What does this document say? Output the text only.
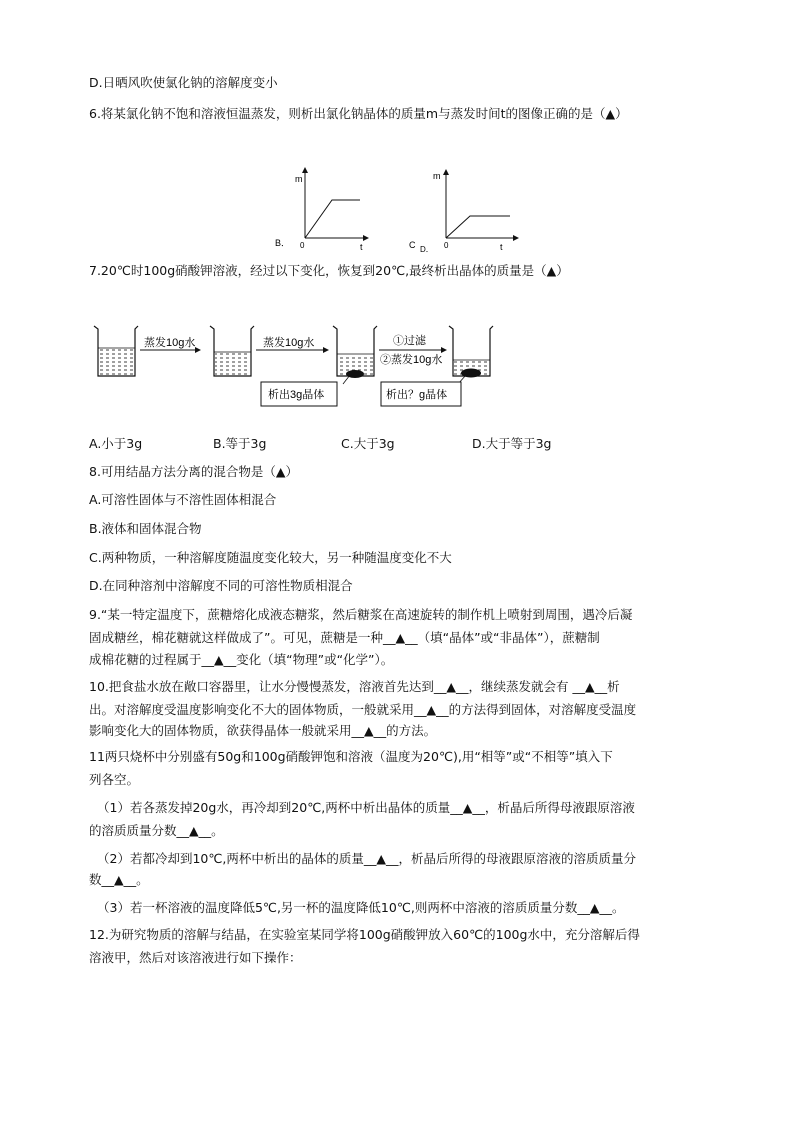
D.日晒风吹使氯化钠的溶解度变小
6.将某氯化钠不饱和溶液恒温蒸发，则析出氯化钠晶体的质量m与蒸发时间t的图像正确的是（▲）
m
t
0
B．
m
t
0
C D．
7.20℃时100g硝酸钾溶液，经过以下变化，恢复到20℃,最终析出晶体的质量是（▲）
蒸发10g水	蒸发10g水
析出3g晶体
①过滤
②蒸发10g水
析出？g晶体
A.小于3g	B.等于3g	C.大于3g	D.大于等于3g
8.可用结晶方法分离的混合物是（▲）
A.可溶性固体与不溶性固体相混合
B.液体和固体混合物
C.两种物质，一种溶解度随温度变化较大，另一种随温度变化不大
D.在同种溶剂中溶解度不同的可溶性物质相混合
9.“某一特定温度下，蔗糖熔化成液态糖浆，然后糖浆在高速旋转的制作机上喷射到周围，遇冷后凝
固成糖丝，棉花糖就这样做成了”。可见，蔗糖是一种__▲__（填“晶体”或“非晶体”），蔗糖制
成棉花糖的过程属于__▲__变化（填“物理”或“化学”）。
10.把食盐水放在敞口容器里，让水分慢慢蒸发，溶液首先达到__▲__，继续蒸发就会有 __▲__析
出。对溶解度受温度影响变化不大的固体物质，一般就采用__▲__的方法得到固体，对溶解度受温度
影响变化大的固体物质，欲获得晶体一般就采用__▲__的方法。
11两只烧杯中分别盛有50g和100g硝酸钾饱和溶液（温度为20℃),用“相等”或“不相等”填入下
列各空。
（1）若各蒸发掉20g水，再冷却到20℃,两杯中析出晶体的质量__▲__，析晶后所得母液跟原溶液
的溶质质量分数__▲__。
（2）若都冷却到10℃,两杯中析出的晶体的质量__▲__，析晶后所得的母液跟原溶液的溶质质量分
数__▲__。
（3）若一杯溶液的温度降低5℃,另一杯的温度降低10℃,则两杯中溶液的溶质质量分数__▲__。
12.为研究物质的溶解与结晶，在实验室某同学将100g硝酸钾放入60℃的100g水中，充分溶解后得
溶液甲，然后对该溶液进行如下操作：
